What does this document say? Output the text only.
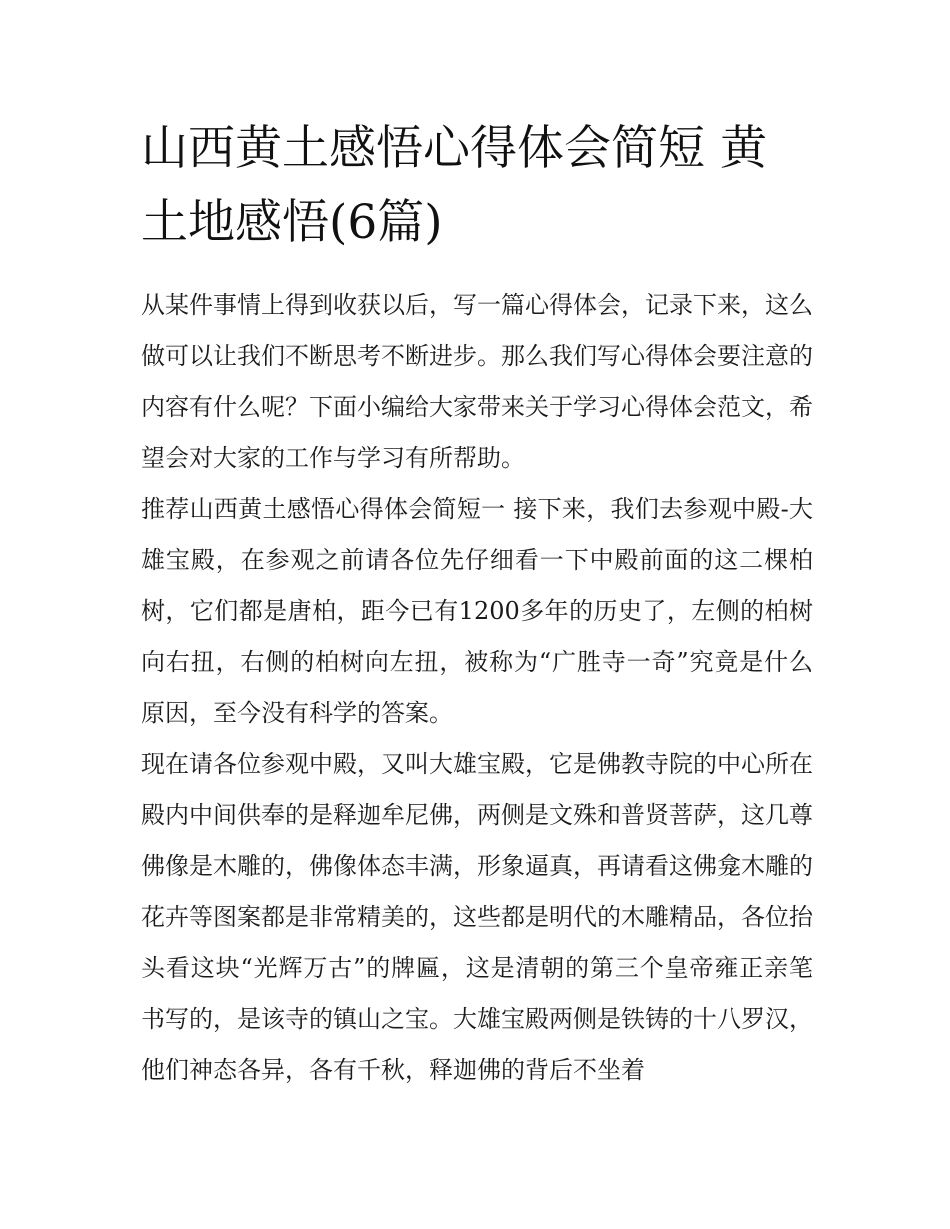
山西黄土感悟心得体会简短 黄土地感悟(6篇)

从某件事情上得到收获以后，写一篇心得体会，记录下来，这么做可以让我们不断思考不断进步。那么我们写心得体会要注意的内容有什么呢？下面小编给大家带来关于学习心得体会范文，希望会对大家的工作与学习有所帮助。

推荐山西黄土感悟心得体会简短一 接下来，我们去参观中殿-大雄宝殿，在参观之前请各位先仔细看一下中殿前面的这二棵柏树，它们都是唐柏，距今已有1200多年的历史了，左侧的柏树向右扭，右侧的柏树向左扭，被称为“广胜寺一奇”究竟是什么原因，至今没有科学的答案。

现在请各位参观中殿，又叫大雄宝殿，它是佛教寺院的中心所在殿内中间供奉的是释迦牟尼佛，两侧是文殊和普贤菩萨，这几尊佛像是木雕的，佛像体态丰满，形象逼真，再请看这佛龛木雕的花卉等图案都是非常精美的，这些都是明代的木雕精品，各位抬头看这块“光辉万古”的牌匾，这是清朝的第三个皇帝雍正亲笔书写的，是该寺的镇山之宝。大雄宝殿两侧是铁铸的十八罗汉，他们神态各异，各有千秋，释迦佛的背后不坐着
